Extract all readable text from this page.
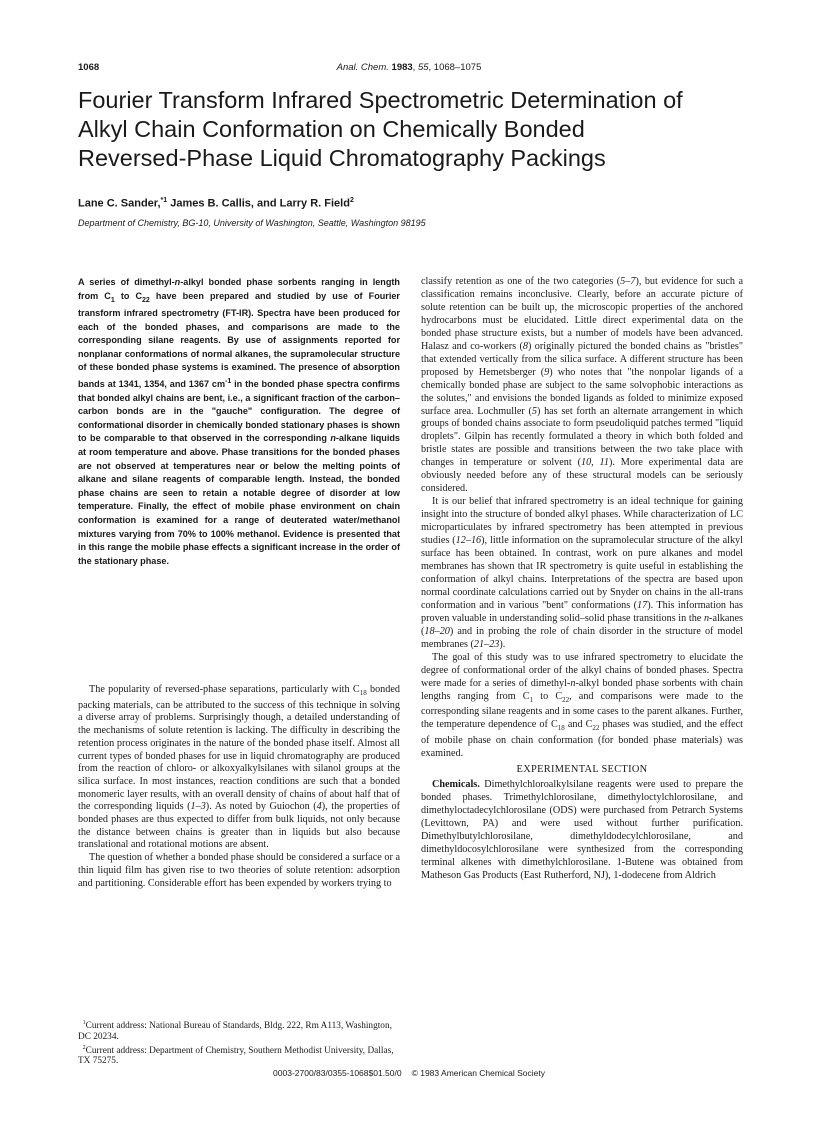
1068	Anal. Chem. 1983, 55, 1068–1075
Fourier Transform Infrared Spectrometric Determination of
Alkyl Chain Conformation on Chemically Bonded
Reversed-Phase Liquid Chromatography Packings
Lane C. Sander,$^{*1}$ James B. Callis, and Larry R. Field$^2$
Department of Chemistry, BG-10, University of Washington, Seattle, Washington 98195

A series of dimethyl-n-alkyl bonded phase sorbents ranging in length from $C_1$ to $C_{22}$ have been prepared and studied by use of Fourier transform infrared spectrometry (FT-IR). Spectra have been produced for each of the bonded phases, and comparisons are made to the corresponding silane reagents. By use of assignments reported for nonplanar conformations of normal alkanes, the supramolecular structure of these bonded phase systems is examined. The presence of absorption bands at 1341, 1354, and 1367 $cm^{-1}$ in the bonded phase spectra confirms that bonded alkyl chains are bent, i.e., a significant fraction of the carbon–carbon bonds are in the "gauche" configuration. The degree of conformational disorder in chemically bonded stationary phases is shown to be comparable to that observed in the corresponding n-alkane liquids at room temperature and above. Phase transitions for the bonded phases are not observed at temperatures near or below the melting points of alkane and silane reagents of comparable length. Instead, the bonded phase chains are seen to retain a notable degree of disorder at low temperature. Finally, the effect of mobile phase environment on chain conformation is examined for a range of deuterated water/methanol mixtures varying from 70% to 100% methanol. Evidence is presented that in this range the mobile phase effects a significant increase in the order of the stationary phase.

The popularity of reversed-phase separations, particularly with $C_{18}$ bonded packing materials, can be attributed to the success of this technique in solving a diverse array of problems. Surprisingly though, a detailed understanding of the mechanisms of solute retention is lacking. The difficulty in describing the retention process originates in the nature of the bonded phase itself. Almost all current types of bonded phases for use in liquid chromatography are produced from the reaction of chloro- or alkoxyalkylsilanes with silanol groups at the silica surface. In most instances, reaction conditions are such that a bonded monomeric layer results, with an overall density of chains of about half that of the corresponding liquids (1–3). As noted by Guiochon (4), the properties of bonded phases are thus expected to differ from bulk liquids, not only because the distance between chains is greater than in liquids but also because translational and rotational motions are absent.

The question of whether a bonded phase should be considered a surface or a thin liquid film has given rise to two theories of solute retention: adsorption and partitioning. Considerable effort has been expended by workers trying to

$^1$Current address: National Bureau of Standards, Bldg. 222, Rm A113, Washington, DC 20234.

$^2$Current address: Department of Chemistry, Southern Methodist University, Dallas, TX 75275.

classify retention as one of the two categories (5–7), but evidence for such a classification remains inconclusive. Clearly, before an accurate picture of solute retention can be built up, the microscopic properties of the anchored hydrocarbons must be elucidated. Little direct experimental data on the bonded phase structure exists, but a number of models have been advanced. Halasz and co-workers (8) originally pictured the bonded chains as "bristles" that extended vertically from the silica surface. A different structure has been proposed by Hemetsberger (9) who notes that "the nonpolar ligands of a chemically bonded phase are subject to the same solvophobic interactions as the solutes," and envisions the bonded ligands as folded to minimize exposed surface area. Lochmuller (5) has set forth an alternate arrangement in which groups of bonded chains associate to form pseudoliquid patches termed "liquid droplets". Gilpin has recently formulated a theory in which both folded and bristle states are possible and transitions between the two take place with changes in temperature or solvent (10, 11). More experimental data are obviously needed before any of these structural models can be seriously considered.

It is our belief that infrared spectrometry is an ideal technique for gaining insight into the structure of bonded alkyl phases. While characterization of LC microparticulates by infrared spectrometry has been attempted in previous studies (12–16), little information on the supramolecular structure of the alkyl surface has been obtained. In contrast, work on pure alkanes and model membranes has shown that IR spectrometry is quite useful in establishing the conformation of alkyl chains. Interpretations of the spectra are based upon normal coordinate calculations carried out by Snyder on chains in the all-trans conformation and in various "bent" conformations (17). This information has proven valuable in understanding solid–solid phase transitions in the n-alkanes (18–20) and in probing the role of chain disorder in the structure of model membranes (21–23).

The goal of this study was to use infrared spectrometry to elucidate the degree of conformational order of the alkyl chains of bonded phases. Spectra were made for a series of dimethyl-n-alkyl bonded phase sorbents with chain lengths ranging from $C_1$ to $C_{22}$, and comparisons were made to the corresponding silane reagents and in some cases to the parent alkanes. Further, the temperature dependence of $C_{18}$ and $C_{22}$ phases was studied, and the effect of mobile phase on chain conformation (for bonded phase materials) was examined.

EXPERIMENTAL SECTION

Chemicals. Dimethylchloroalkylsilane reagents were used to prepare the bonded phases. Trimethylchlorosilane, dimethyloctylchlorosilane, and dimethyloctadecylchlorosilane (ODS) were purchased from Petrarch Systems (Levittown, PA) and were used without further purification. Dimethylbutylchlorosilane, dimethyldodecylchlorosilane, and dimethyldocosylchlorosilane were synthesized from the corresponding terminal alkenes with dimethylchlorosilane. 1-Butene was obtained from Matheson Gas Products (East Rutherford, NJ), 1-dodecene from Aldrich

0003-2700/83/0355-1068$01.50/0 © 1983 American Chemical Society
